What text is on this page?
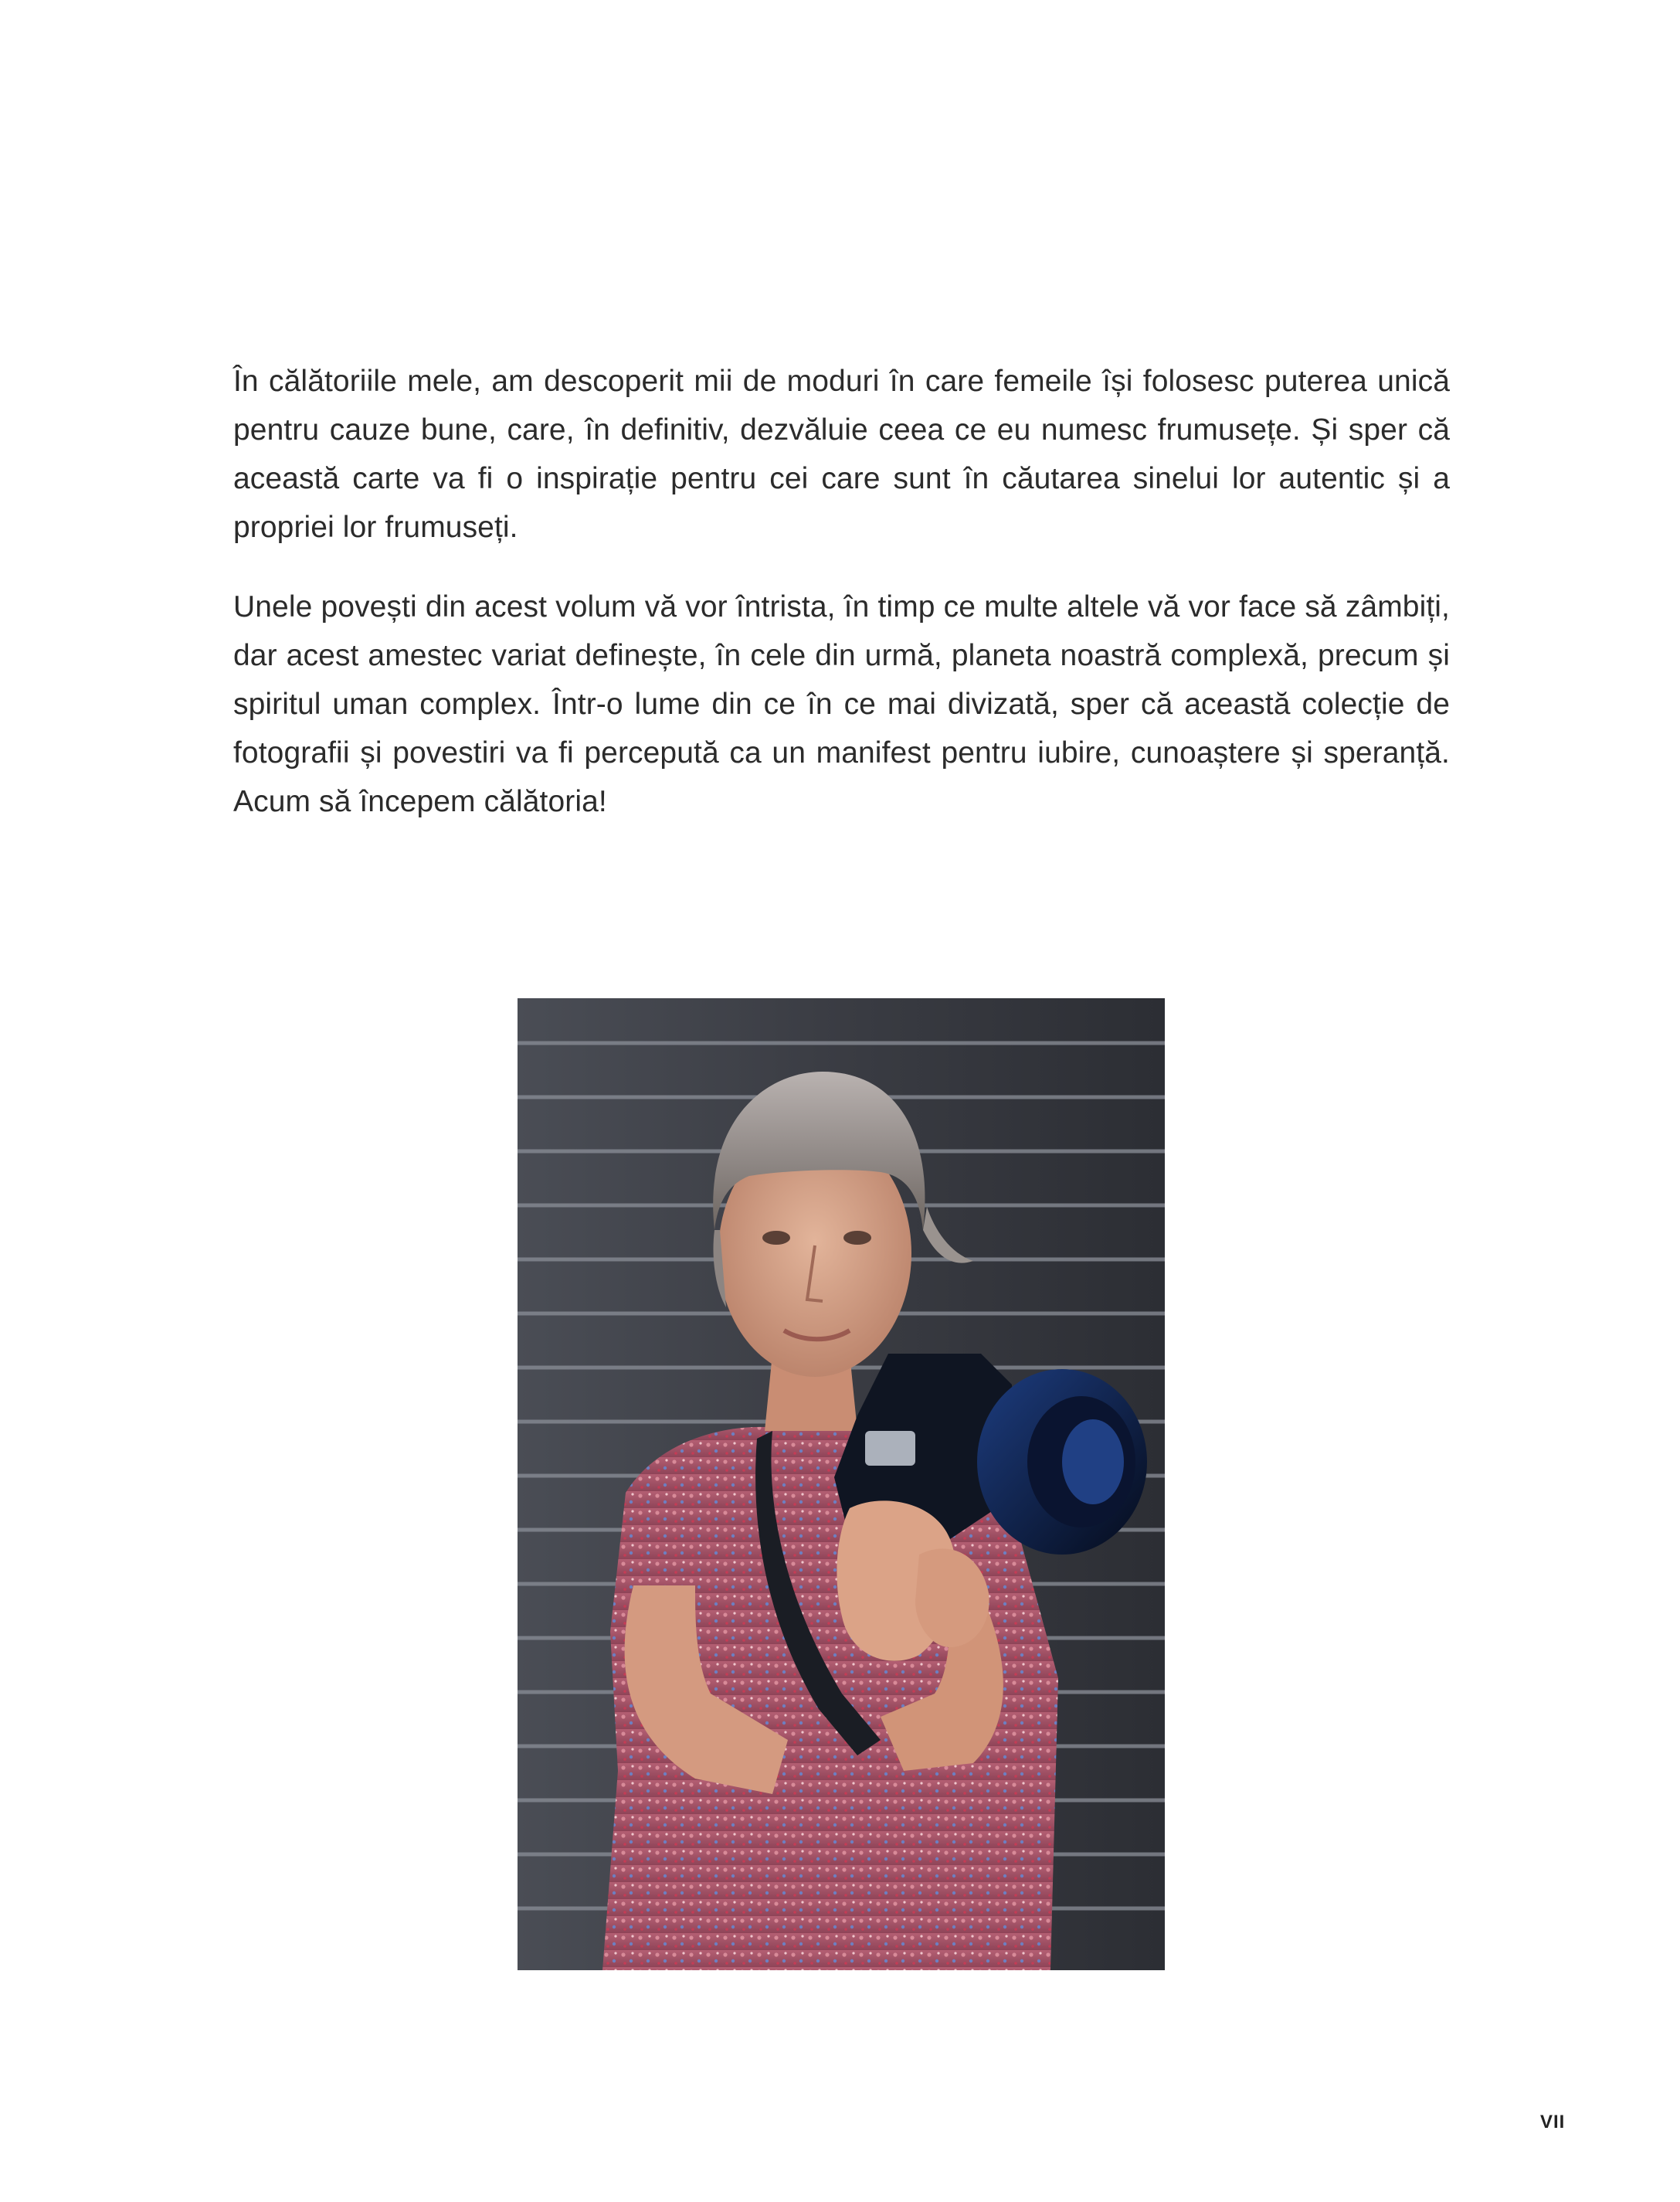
În călătoriile mele, am descoperit mii de moduri în care femeile își folosesc puterea unică pentru cauze bune, care, în definitiv, dezvăluie ceea ce eu numesc frumusețe. Și sper că această carte va fi o inspirație pentru cei care sunt în căutarea sinelui lor autentic și a propriei lor frumuseți.

Unele povești din acest volum vă vor întrista, în timp ce multe altele vă vor face să zâmbiți, dar acest amestec variat definește, în cele din urmă, planeta noastră complexă, precum și spiritul uman complex. Într-o lume din ce în ce mai divizată, sper că această colecție de fotografii și povestiri va fi percepută ca un manifest pentru iubire, cunoaștere și speranță. Acum să începem călătoria!

VII
